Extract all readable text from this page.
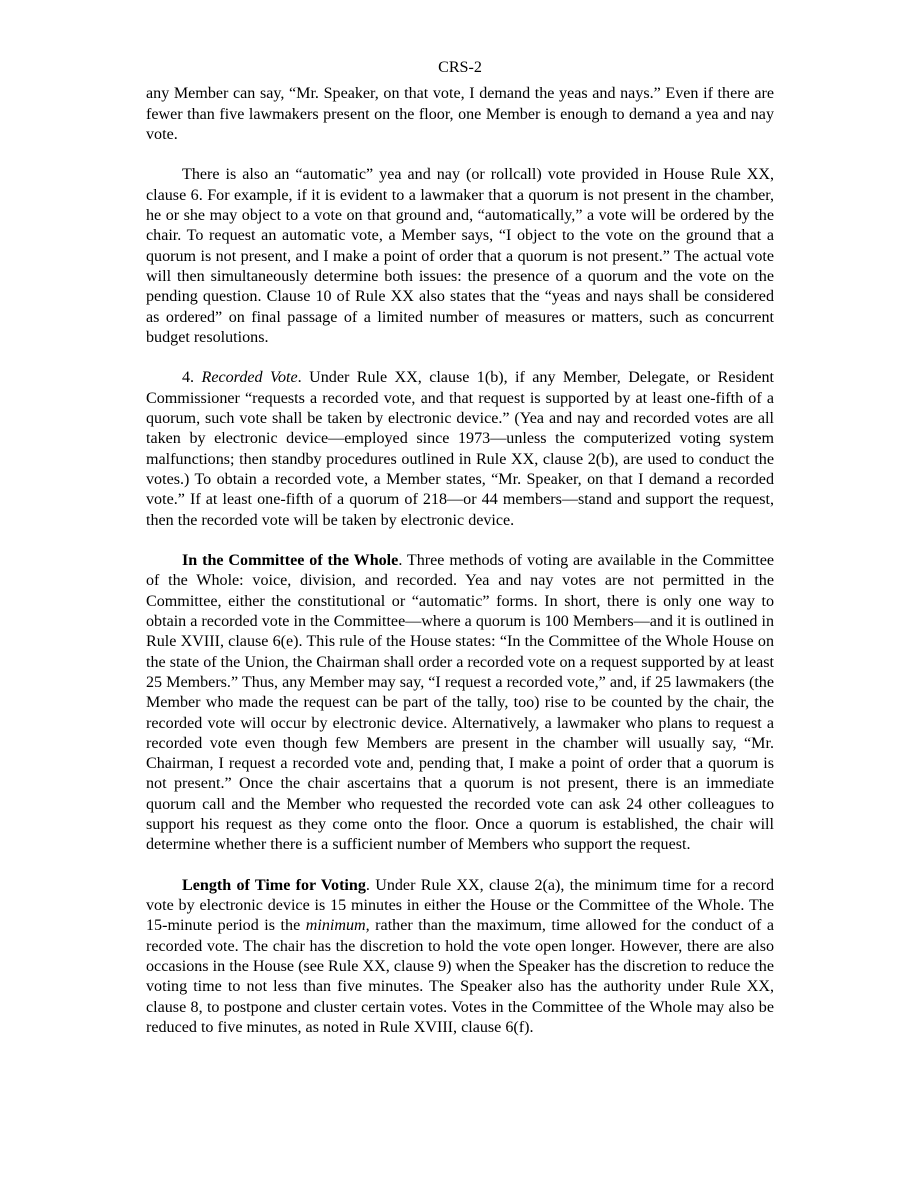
CRS-2

any Member can say, “Mr. Speaker, on that vote, I demand the yeas and nays.” Even if there are fewer than five lawmakers present on the floor, one Member is enough to demand a yea and nay vote.

There is also an “automatic” yea and nay (or rollcall) vote provided in House Rule XX, clause 6. For example, if it is evident to a lawmaker that a quorum is not present in the chamber, he or she may object to a vote on that ground and, “automatically,” a vote will be ordered by the chair. To request an automatic vote, a Member says, “I object to the vote on the ground that a quorum is not present, and I make a point of order that a quorum is not present.” The actual vote will then simultaneously determine both issues: the presence of a quorum and the vote on the pending question. Clause 10 of Rule XX also states that the “yeas and nays shall be considered as ordered” on final passage of a limited number of measures or matters, such as concurrent budget resolutions.

4. Recorded Vote. Under Rule XX, clause 1(b), if any Member, Delegate, or Resident Commissioner “requests a recorded vote, and that request is supported by at least one-fifth of a quorum, such vote shall be taken by electronic device.” (Yea and nay and recorded votes are all taken by electronic device—employed since 1973—unless the computerized voting system malfunctions; then standby procedures outlined in Rule XX, clause 2(b), are used to conduct the votes.) To obtain a recorded vote, a Member states, “Mr. Speaker, on that I demand a recorded vote.” If at least one-fifth of a quorum of 218—or 44 members—stand and support the request, then the recorded vote will be taken by electronic device.

In the Committee of the Whole. Three methods of voting are available in the Committee of the Whole: voice, division, and recorded. Yea and nay votes are not permitted in the Committee, either the constitutional or “automatic” forms. In short, there is only one way to obtain a recorded vote in the Committee—where a quorum is 100 Members—and it is outlined in Rule XVIII, clause 6(e). This rule of the House states: “In the Committee of the Whole House on the state of the Union, the Chairman shall order a recorded vote on a request supported by at least 25 Members.” Thus, any Member may say, “I request a recorded vote,” and, if 25 lawmakers (the Member who made the request can be part of the tally, too) rise to be counted by the chair, the recorded vote will occur by electronic device. Alternatively, a lawmaker who plans to request a recorded vote even though few Members are present in the chamber will usually say, “Mr. Chairman, I request a recorded vote and, pending that, I make a point of order that a quorum is not present.” Once the chair ascertains that a quorum is not present, there is an immediate quorum call and the Member who requested the recorded vote can ask 24 other colleagues to support his request as they come onto the floor. Once a quorum is established, the chair will determine whether there is a sufficient number of Members who support the request.

Length of Time for Voting. Under Rule XX, clause 2(a), the minimum time for a record vote by electronic device is 15 minutes in either the House or the Committee of the Whole. The 15-minute period is the minimum, rather than the maximum, time allowed for the conduct of a recorded vote. The chair has the discretion to hold the vote open longer. However, there are also occasions in the House (see Rule XX, clause 9) when the Speaker has the discretion to reduce the voting time to not less than five minutes. The Speaker also has the authority under Rule XX, clause 8, to postpone and cluster certain votes. Votes in the Committee of the Whole may also be reduced to five minutes, as noted in Rule XVIII, clause 6(f).
